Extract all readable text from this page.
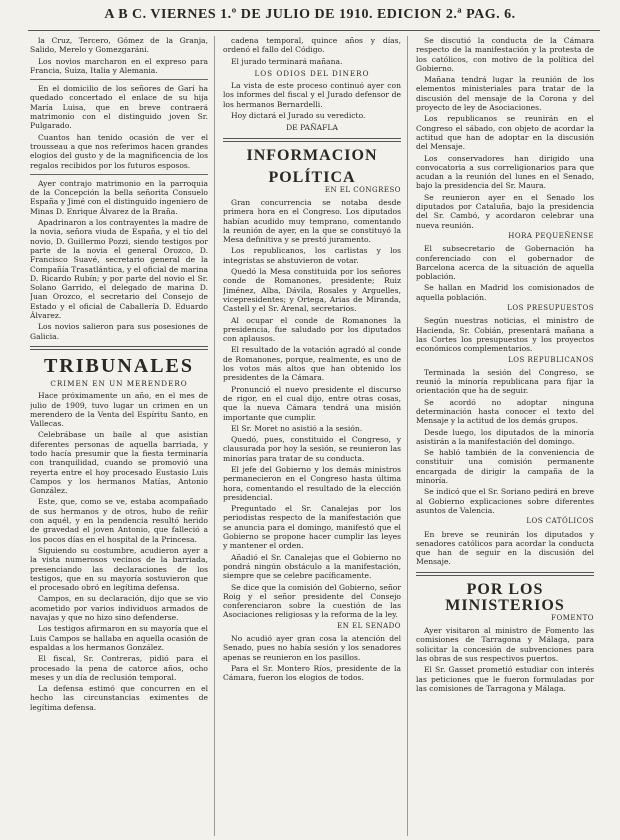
A B C. VIERNES 1.º DE JULIO DE 1910. EDICION 2.ª PAG. 6.

la Cruz, Tercero, Gómez de la Granja, Salido, Merelo y Gomezgaráni.

Los novios marcharon en el expreso para Francia, Suiza, Italia y Alemania.

En el domicilio de los señores de Garí ha quedado concertado el enlace de su hija María Luisa, que en breve contraerá matrimonio con el distinguido joven Sr. Pulgarado.

Cuantos han tenido ocasión de ver el trousseau a que nos referimos hacen grandes elogios del gusto y de la magnificencia de los regalos recibidos por los futuros esposos.

Ayer contrajo matrimonio en la parroquia de la Concepción la bella señorita Consuelo España y Jimé con el distinguido ingeniero de Minas D. Enrique Álvarez de la Braña.

Apadrinaron a los contrayentes la madre de la novia, señora viuda de España, y el tío del novio, D. Guillermo Pozzi, siendo testigos por parte de la novia el general Orozco, D. Francisco Suavé, secretario general de la Compañía Trasatlántica, y el oficial de marina D. Ricardo Rubín; y por parte del novio el Sr. Solano Garrido, el delegado de marina D. Juan Orozco, el secretario del Consejo de Estado y el oficial de Caballería D. Eduardo Álvarez.

Los novios salieron para sus posesiones de Galicia.

TRIBUNALES
CRIMEN EN UN MERENDERO

Hace próximamente un año, en el mes de julio de 1909, tuvo lugar un crimen en un merendero de la Venta del Espíritu Santo, en Vallecas.

Celebrábase un baile al que asistían diferentes personas de aquella barriada, y todo hacía presumir que la fiesta terminaría con tranquilidad, cuando se promovió una reyerta entre el hoy procesado Eustasio Luis Campos y los hermanos Matías, Antonio González.

Este, que, como se ve, estaba acompañado de sus hermanos y de otros, hubo de reñir con aquél, y en la pendencia resultó herido de gravedad el joven Antonio, que falleció a los pocos días en el hospital de la Princesa.

Siguiendo su costumbre, acudieron ayer a la vista numerosos vecinos de la barriada, presenciando las declaraciones de los testigos, que en su mayoría sostuvieron que el procesado obró en legítima defensa.

Campos, en su declaración, dijo que se vio acometido por varios individuos armados de navajas y que no hizo sino defenderse.

Los testigos afirmaron en su mayoría que el Luis Campos se hallaba en aquella ocasión de espaldas a los hermanos González.

El fiscal, Sr. Contreras, pidió para el procesado la pena de catorce años, ocho meses y un día de reclusión temporal.

La defensa estimó que concurren en el hecho las circunstancias eximentes de legítima defensa.

cadena temporal, quince años y días, ordenó el fallo del Código.

El jurado terminará mañana.

LOS ODIOS DEL DINERO

La vista de este proceso continuó ayer con los informes del fiscal y el Jurado defensor de los hermanos Bernardelli.

Hoy dictará el Jurado su veredicto.

DE PAÑAFLA
INFORMACION
POLÍTICA
EN EL CONGRESO

Gran concurrencia se notaba desde primera hora en el Congreso. Los diputados habían acudido muy temprano, comentando la reunión de ayer, en la que se constituyó la Mesa definitiva y se prestó juramento.

Los republicanos, los carlistas y los integristas se abstuvieron de votar.

Quedó la Mesa constituida por los señores conde de Romanones, presidente; Ruiz Jiménez, Alba, Dávila, Rosales y Arguelles, vicepresidentes; y Ortega, Arias de Miranda, Castell y el Sr. Arenal, secretarios.

Al ocupar el conde de Romanones la presidencia, fue saludado por los diputados con aplausos.

El resultado de la votación agradó al conde de Romanones, porque, realmente, es uno de los votos más altos que han obtenido los presidentes de la Cámara.

Pronunció el nuevo presidente el discurso de rigor, en el cual dijo, entre otras cosas, que la nueva Cámara tendrá una misión importante que cumplir.

El Sr. Moret no asistió a la sesión.

Quedó, pues, constituido el Congreso, y clausurada por hoy la sesión, se reunieron las minorías para tratar de su conducta.

El jefe del Gobierno y los demás ministros permanecieron en el Congreso hasta última hora, comentando el resultado de la elección presidencial.

Preguntado el Sr. Canalejas por los periodistas respecto de la manifestación que se anuncia para el domingo, manifestó que el Gobierno se propone hacer cumplir las leyes y mantener el orden.

Añadió el Sr. Canalejas que el Gobierno no pondrá ningún obstáculo a la manifestación, siempre que se celebre pacíficamente.

Se dice que la comisión del Gobierno, señor Roig y el señor presidente del Consejo conferenciaron sobre la cuestión de las Asociaciones religiosas y la reforma de la ley.

EN EL SENADO

No acudió ayer gran cosa la atención del Senado, pues no había sesión y los senadores apenas se reunieron en los pasillos.

Para el Sr. Montero Ríos, presidente de la Cámara, fueron los elogios de todos.

Se discutió la conducta de la Cámara respecto de la manifestación y la protesta de los católicos, con motivo de la política del Gobierno.

Mañana tendrá lugar la reunión de los elementos ministeriales para tratar de la discusión del mensaje de la Corona y del proyecto de ley de Asociaciones.

Los republicanos se reunirán en el Congreso el sábado, con objeto de acordar la actitud que han de adoptar en la discusión del Mensaje.

Los conservadores han dirigido una convocatoria a sus correligionarios para que acudan a la reunión del lunes en el Senado, bajo la presidencia del Sr. Maura.

Se reunieron ayer en el Senado los diputados por Cataluña, bajo la presidencia del Sr. Cambó, y acordaron celebrar una nueva reunión.

HORA PEQUEÑENSE

El subsecretario de Gobernación ha conferenciado con el gobernador de Barcelona acerca de la situación de aquella población.

Se hallan en Madrid los comisionados de aquella población.

LOS PRESUPUESTOS

Según nuestras noticias, el ministro de Hacienda, Sr. Cobián, presentará mañana a las Cortes los presupuestos y los proyectos económicos complementarios.

LOS REPUBLICANOS

Terminada la sesión del Congreso, se reunió la minoría republicana para fijar la orientación que ha de seguir.

Se acordó no adoptar ninguna determinación hasta conocer el texto del Mensaje y la actitud de los demás grupos.

Desde luego, los diputados de la minoría asistirán a la manifestación del domingo.

Se habló también de la conveniencia de constituir una comisión permanente encargada de dirigir la campaña de la minoría.

Se indicó que el Sr. Soriano pedirá en breve al Gobierno explicaciones sobre diferentes asuntos de Valencia.

LOS CATÓLICOS

En breve se reunirán los diputados y senadores católicos para acordar la conducta que han de seguir en la discusión del Mensaje.

POR LOS MINISTERIOS
FOMENTO

Ayer visitaron al ministro de Fomento las comisiones de Tarragona y Málaga, para solicitar la concesión de subvenciones para las obras de sus respectivos puertos.

El Sr. Gasset prometió estudiar con interés las peticiones que le fueron formuladas por las comisiones de Tarragona y Málaga.
